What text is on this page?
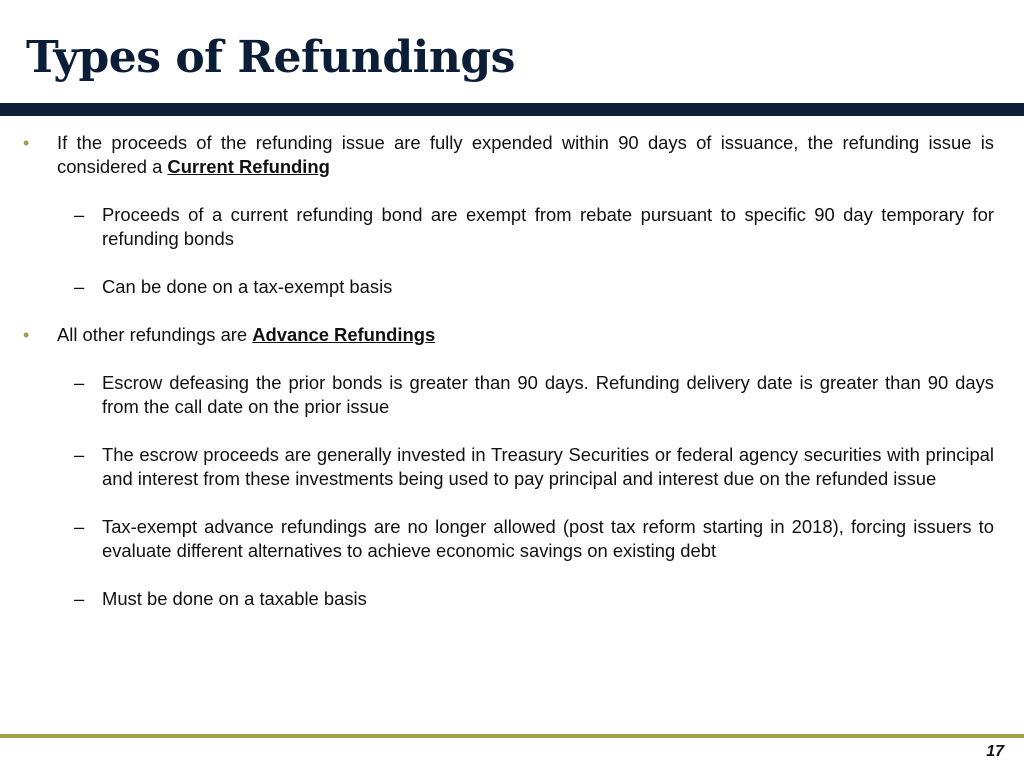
Types of Refundings
• If the proceeds of the refunding issue are fully expended within 90 days of issuance, the refunding issue is considered a Current Refunding
– Proceeds of a current refunding bond are exempt from rebate pursuant to specific 90 day temporary for refunding bonds
– Can be done on a tax-exempt basis
• All other refundings are Advance Refundings
– Escrow defeasing the prior bonds is greater than 90 days. Refunding delivery date is greater than 90 days from the call date on the prior issue
– The escrow proceeds are generally invested in Treasury Securities or federal agency securities with principal and interest from these investments being used to pay principal and interest due on the refunded issue
– Tax-exempt advance refundings are no longer allowed (post tax reform starting in 2018), forcing issuers to evaluate different alternatives to achieve economic savings on existing debt
– Must be done on a taxable basis
17
